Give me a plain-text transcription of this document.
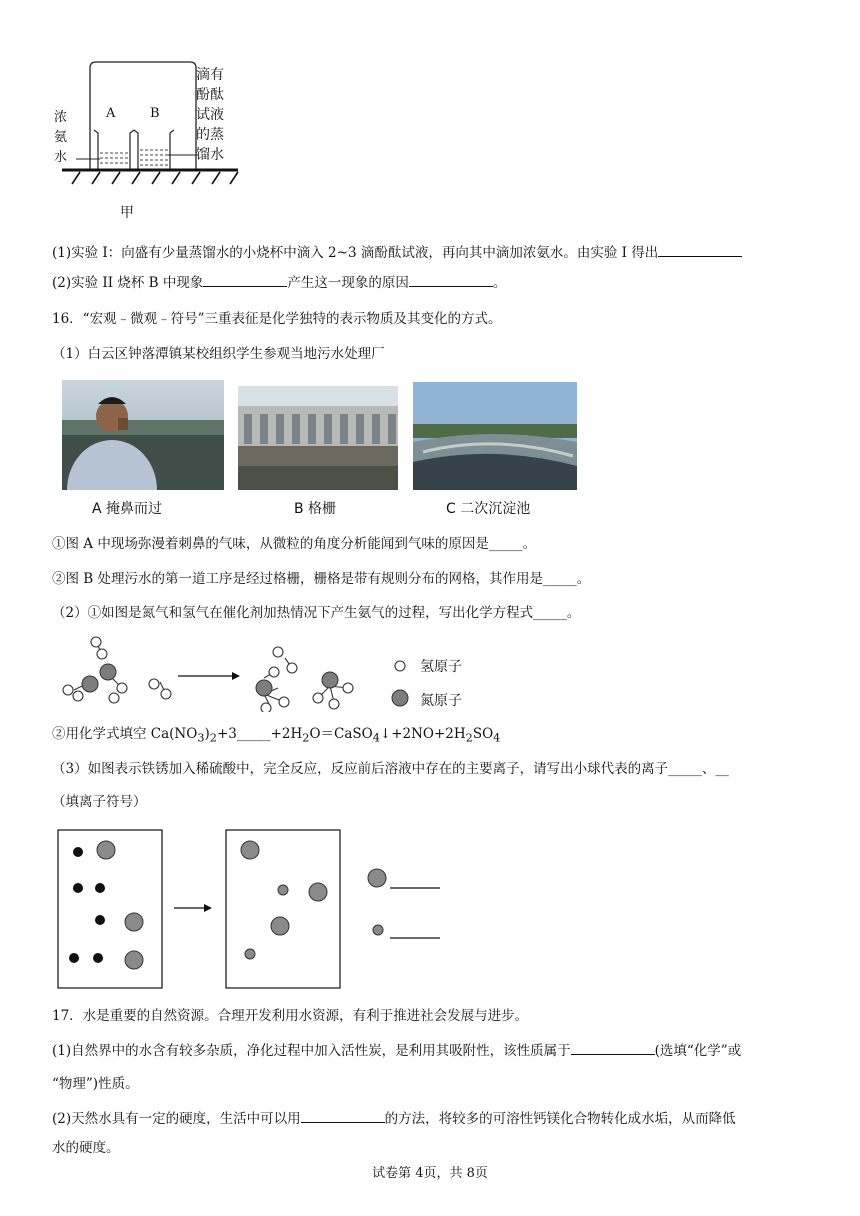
A	B
浓
氨
水
滴有
酚酞
试液
的蒸
馏水
甲
(1)实验 I：向盛有少量蒸馏水的小烧杯中滴入 2~3 滴酚酞试液，再向其中滴加浓氨水。由实验 I 得出
(2)实验 II 烧杯 B 中现象	产生这一现象的原因	。
16．“宏观﹣微观﹣符号”三重表征是化学独特的表示物质及其变化的方式。
（1）白云区钟落潭镇某校组织学生参观当地污水处理厂
A 掩鼻而过	B 格栅	C 二次沉淀池
①图 A 中现场弥漫着刺鼻的气味，从微粒的角度分析能闻到气味的原因是_____。
②图 B 处理污水的第一道工序是经过格栅，栅格是带有规则分布的网格，其作用是_____。
（2）①如图是氮气和氢气在催化剂加热情况下产生氨气的过程，写出化学方程式_____。
氢原子
氮原子
②用化学式填空 $Ca(NO_3)_2+3\_\_\_\_\_+2H_2O=CaSO_4↓+2NO+2H_2SO_4$
（3）如图表示铁锈加入稀硫酸中，完全反应，反应前后溶液中存在的主要离子，请写出小球代表的离子_____、__
（填离子符号）
17．水是重要的自然资源。合理开发利用水资源，有利于推进社会发展与进步。
(1)自然界中的水含有较多杂质，净化过程中加入活性炭，是利用其吸附性，该性质属于	(选填“化学”或
“物理”)性质。
(2)天然水具有一定的硬度，生活中可以用	的方法，将较多的可溶性钙镁化合物转化成水垢，从而降低
水的硬度。
试卷第 4页，共 8页
